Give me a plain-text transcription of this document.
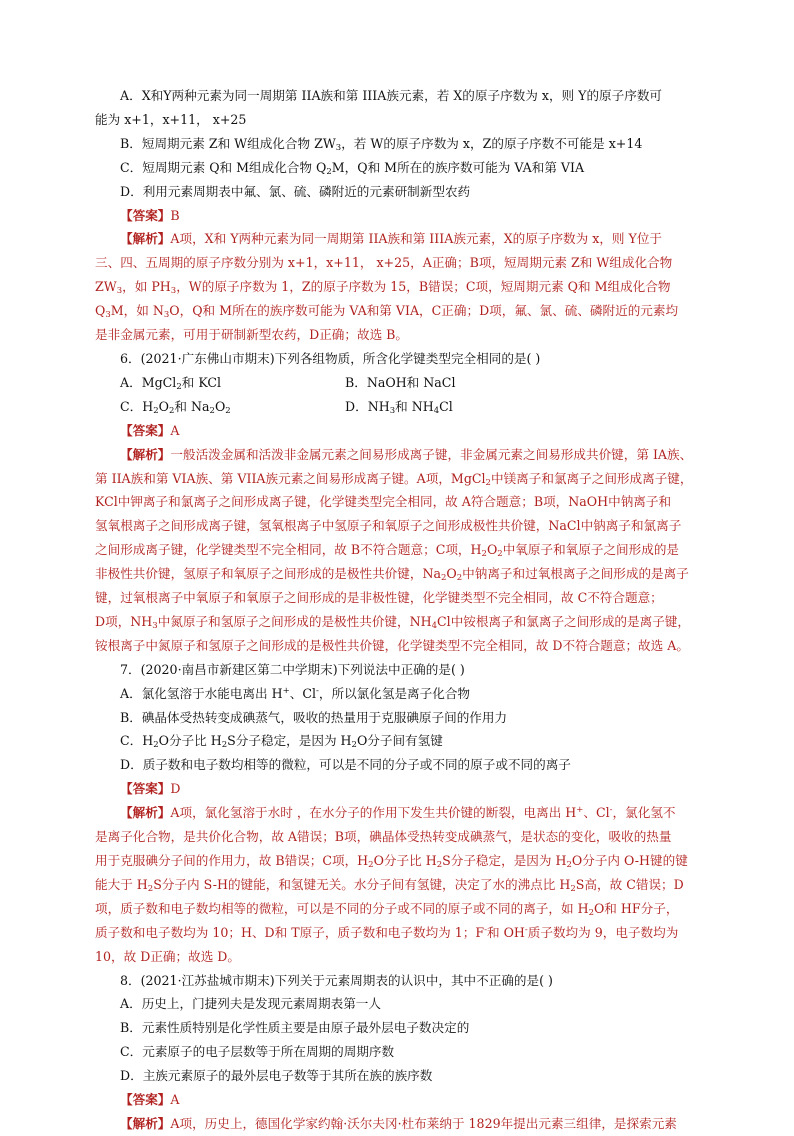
A．X和Y两种元素为同一周期第 IIA族和第 IIIA族元素，若 X的原子序数为 x，则 Y的原子序数可

能为 x+1，x+11， x+25

B．短周期元素 Z和 W组成化合物 $ZW_3$，若 W的原子序数为 x，Z的原子序数不可能是 x+14

C．短周期元素 Q和 M组成化合物 $Q_2M$，Q和 M所在的族序数可能为 VA和第 VIA

D．利用元素周期表中氟、氯、硫、磷附近的元素研制新型农药

【答案】B

【解析】A项，X和 Y两种元素为同一周期第 IIA族和第 IIIA族元素，X的原子序数为 x，则 Y位于

三、四、五周期的原子序数分别为 x+1，x+11， x+25，A正确；B项，短周期元素 Z和 W组成化合物

$ZW_3$，如 $PH_3$，W的原子序数为 1，Z的原子序数为 15，B错误；C项，短周期元素 Q和 M组成化合物

$Q_3M$，如 $N_3O$，Q和 M所在的族序数可能为 VA和第 VIA，C正确；D项，氟、氯、硫、磷附近的元素均

是非金属元素，可用于研制新型农药，D正确；故选 B。

6．(2021·广东佛山市期末)下列各组物质，所含化学键类型完全相同的是( )

A．MgCl$_2$和 KCl	B．NaOH和 NaCl
C．$H_2O_2$和 $Na_2O_2$	D．$NH_3$和 $NH_4Cl$

【答案】A

【解析】一般活泼金属和活泼非金属元素之间易形成离子键，非金属元素之间易形成共价键，第 IA族、

第 IIA族和第 VIA族、第 VIIA族元素之间易形成离子键。A项，MgCl$_2$中镁离子和氯离子之间形成离子键，

KCl中钾离子和氯离子之间形成离子键，化学键类型完全相同，故 A符合题意；B项，NaOH中钠离子和

氢氧根离子之间形成离子键，氢氧根离子中氢原子和氧原子之间形成极性共价键，NaCl中钠离子和氯离子

之间形成离子键，化学键类型不完全相同，故 B不符合题意；C项，$H_2O_2$中氧原子和氧原子之间形成的是

非极性共价键，氢原子和氧原子之间形成的是极性共价键，$Na_2O_2$中钠离子和过氧根离子之间形成的是离子

键，过氧根离子中氧原子和氧原子之间形成的是非极性键，化学键类型不完全相同，故 C不符合题意；

D项，$NH_3$中氮原子和氢原子之间形成的是极性共价键，$NH_4Cl$中铵根离子和氯离子之间形成的是离子键，

铵根离子中氮原子和氢原子之间形成的是极性共价键，化学键类型不完全相同，故 D不符合题意；故选 A。

7．(2020·南昌市新建区第二中学期末)下列说法中正确的是( )

A．氯化氢溶于水能电离出 H+、Cl-，所以氯化氢是离子化合物

B．碘晶体受热转变成碘蒸气，吸收的热量用于克服碘原子间的作用力

C．$H_2O$分子比 $H_2S$分子稳定，是因为 $H_2O$分子间有氢键

D．质子数和电子数均相等的微粒，可以是不同的分子或不同的原子或不同的离子

【答案】D

【解析】A项，氯化氢溶于水时 ，在水分子的作用下发生共价键的断裂，电离出 H+、Cl-，氯化氢不

是离子化合物，是共价化合物，故 A错误；B项，碘晶体受热转变成碘蒸气，是状态的变化，吸收的热量

用于克服碘分子间的作用力，故 B错误；C项，$H_2O$分子比 $H_2S$分子稳定，是因为 $H_2O$分子内 O-H键的键

能大于 $H_2S$分子内 S-H的键能，和氢键无关。水分子间有氢键，决定了水的沸点比 $H_2S$高，故 C错误；D

项，质子数和电子数均相等的微粒，可以是不同的分子或不同的原子或不同的离子，如 $H_2O$和 HF分子，

质子数和电子数均为 10；H、D和 T原子，质子数和电子数均为 1；F-和 OH-质子数均为 9，电子数均为

10，故 D正确；故选 D。

8．(2021·江苏盐城市期末)下列关于元素周期表的认识中，其中不正确的是( )

A．历史上，门捷列夫是发现元素周期表第一人

B．元素性质特别是化学性质主要是由原子最外层电子数决定的

C．元素原子的电子层数等于所在周期的周期序数

D．主族元素原子的最外层电子数等于其所在族的族序数

【答案】A

【解析】A项，历史上，德国化学家约翰·沃尔夫冈·杜布莱纳于 1829年提出元素三组律，是探索元素
